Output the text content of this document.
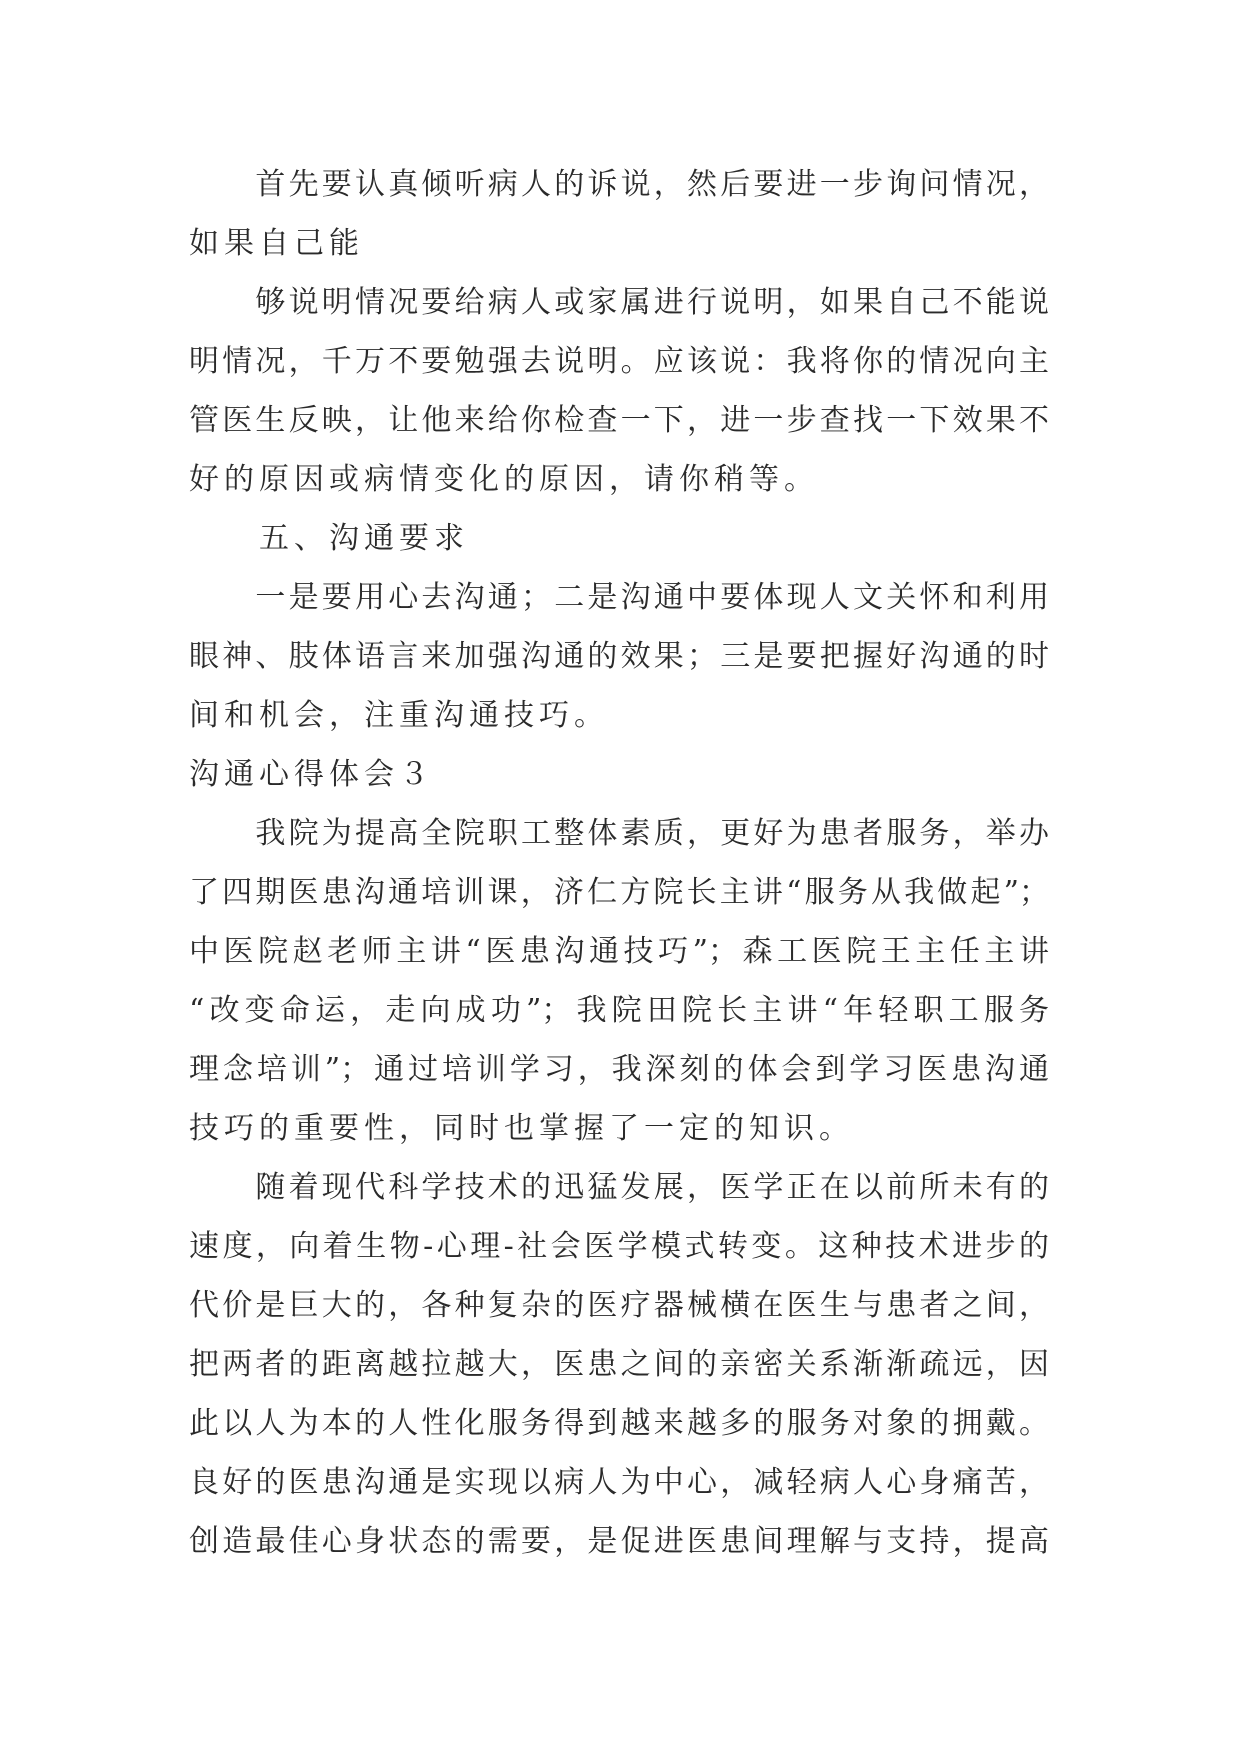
　　首先要认真倾听病人的诉说，然后要进一步询问情况，
如果自己能
　　够说明情况要给病人或家属进行说明，如果自己不能说
明情况，千万不要勉强去说明。应该说：我将你的情况向主
管医生反映，让他来给你检查一下，进一步查找一下效果不
好的原因或病情变化的原因，请你稍等。
　　五、沟通要求
　　一是要用心去沟通；二是沟通中要体现人文关怀和利用
眼神、肢体语言来加强沟通的效果；三是要把握好沟通的时
间和机会，注重沟通技巧。
沟通心得体会３
　　我院为提高全院职工整体素质，更好为患者服务，举办
了四期医患沟通培训课，济仁方院长主讲“服务从我做起”；
中医院赵老师主讲“医患沟通技巧”；森工医院王主任主讲
“改变命运，走向成功”；我院田院长主讲“年轻职工服务
理念培训”；通过培训学习，我深刻的体会到学习医患沟通
技巧的重要性，同时也掌握了一定的知识。
　　随着现代科学技术的迅猛发展，医学正在以前所未有的
速度，向着生物-心理-社会医学模式转变。这种技术进步的
代价是巨大的，各种复杂的医疗器械横在医生与患者之间，
把两者的距离越拉越大，医患之间的亲密关系渐渐疏远，因
此以人为本的人性化服务得到越来越多的服务对象的拥戴。
良好的医患沟通是实现以病人为中心，减轻病人心身痛苦，
创造最佳心身状态的需要，是促进医患间理解与支持，提高
